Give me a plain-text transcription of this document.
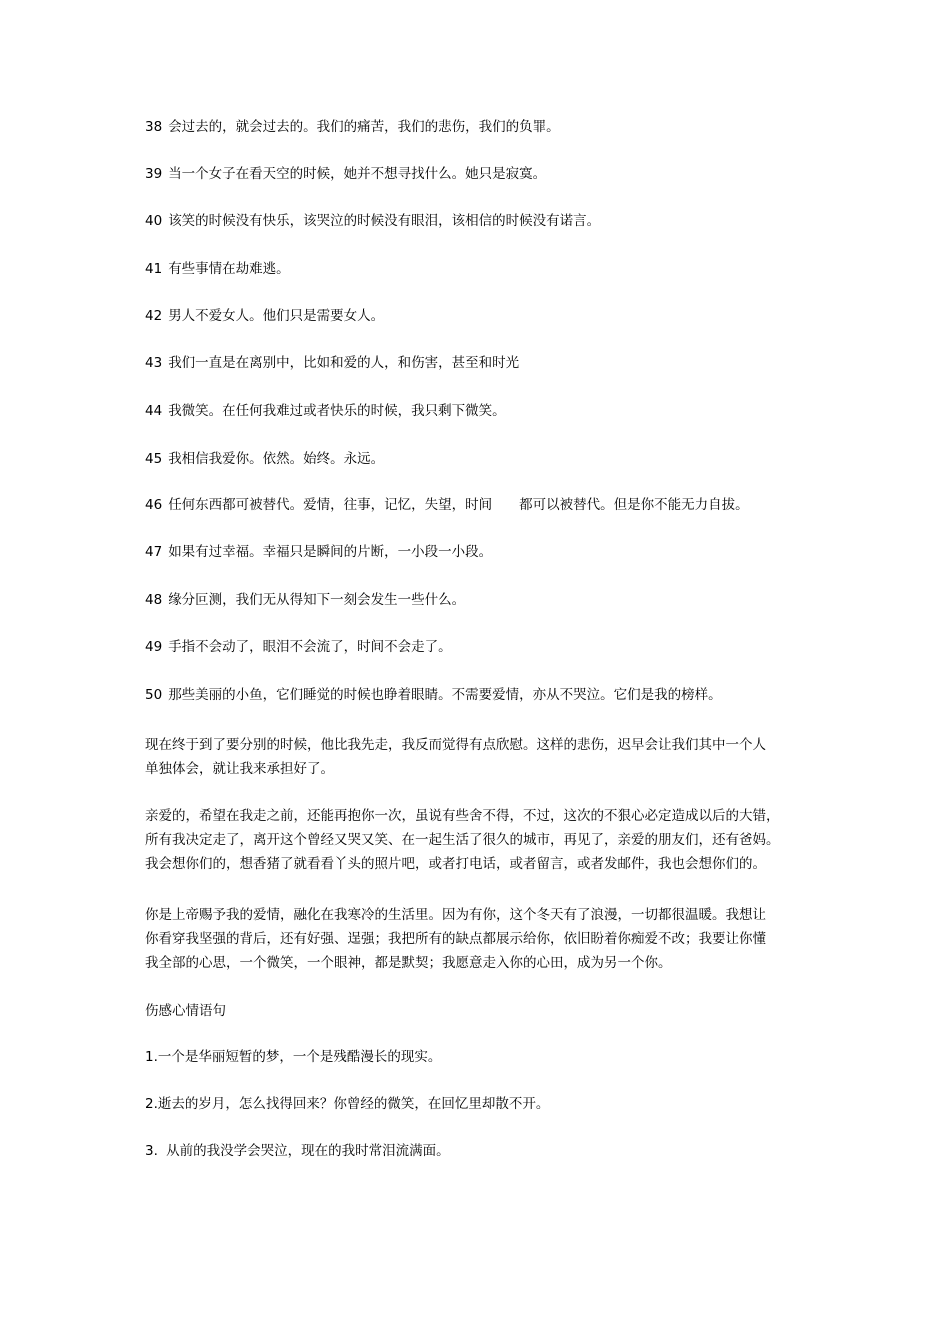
38 会过去的，就会过去的。我们的痛苦，我们的悲伤，我们的负罪。
39 当一个女子在看天空的时候，她并不想寻找什么。她只是寂寞。
40 该笑的时候没有快乐，该哭泣的时候没有眼泪，该相信的时候没有诺言。
41 有些事情在劫难逃。
42 男人不爱女人。他们只是需要女人。
43 我们一直是在离别中，比如和爱的人，和伤害，甚至和时光
44 我微笑。在任何我难过或者快乐的时候，我只剩下微笑。
45 我相信我爱你。依然。始终。永远。
46 任何东西都可被替代。爱情，往事，记忆，失望，时间　　都可以被替代。但是你不能无力自拔。
47 如果有过幸福。幸福只是瞬间的片断，一小段一小段。
48 缘分叵测，我们无从得知下一刻会发生一些什么。
49 手指不会动了，眼泪不会流了，时间不会走了。
50 那些美丽的小鱼，它们睡觉的时候也睁着眼睛。不需要爱情，亦从不哭泣。它们是我的榜样。
现在终于到了要分别的时候，他比我先走，我反而觉得有点欣慰。这样的悲伤，迟早会让我们其中一个人
单独体会，就让我来承担好了。
亲爱的，希望在我走之前，还能再抱你一次，虽说有些舍不得，不过，这次的不狠心必定造成以后的大错，
所有我决定走了，离开这个曾经又哭又笑、在一起生活了很久的城市，再见了，亲爱的朋友们，还有爸妈。
我会想你们的，想香猪了就看看丫头的照片吧，或者打电话，或者留言，或者发邮件，我也会想你们的。
你是上帝赐予我的爱情，融化在我寒冷的生活里。因为有你，这个冬天有了浪漫，一切都很温暖。我想让
你看穿我坚强的背后，还有好强、逞强；我把所有的缺点都展示给你，依旧盼着你痴爱不改；我要让你懂
我全部的心思，一个微笑，一个眼神，都是默契；我愿意走入你的心田，成为另一个你。
伤感心情语句
1.一个是华丽短暂的梦，一个是残酷漫长的现实。
2.逝去的岁月，怎么找得回来？你曾经的微笑，在回忆里却散不开。
3. 从前的我没学会哭泣，现在的我时常泪流满面。
